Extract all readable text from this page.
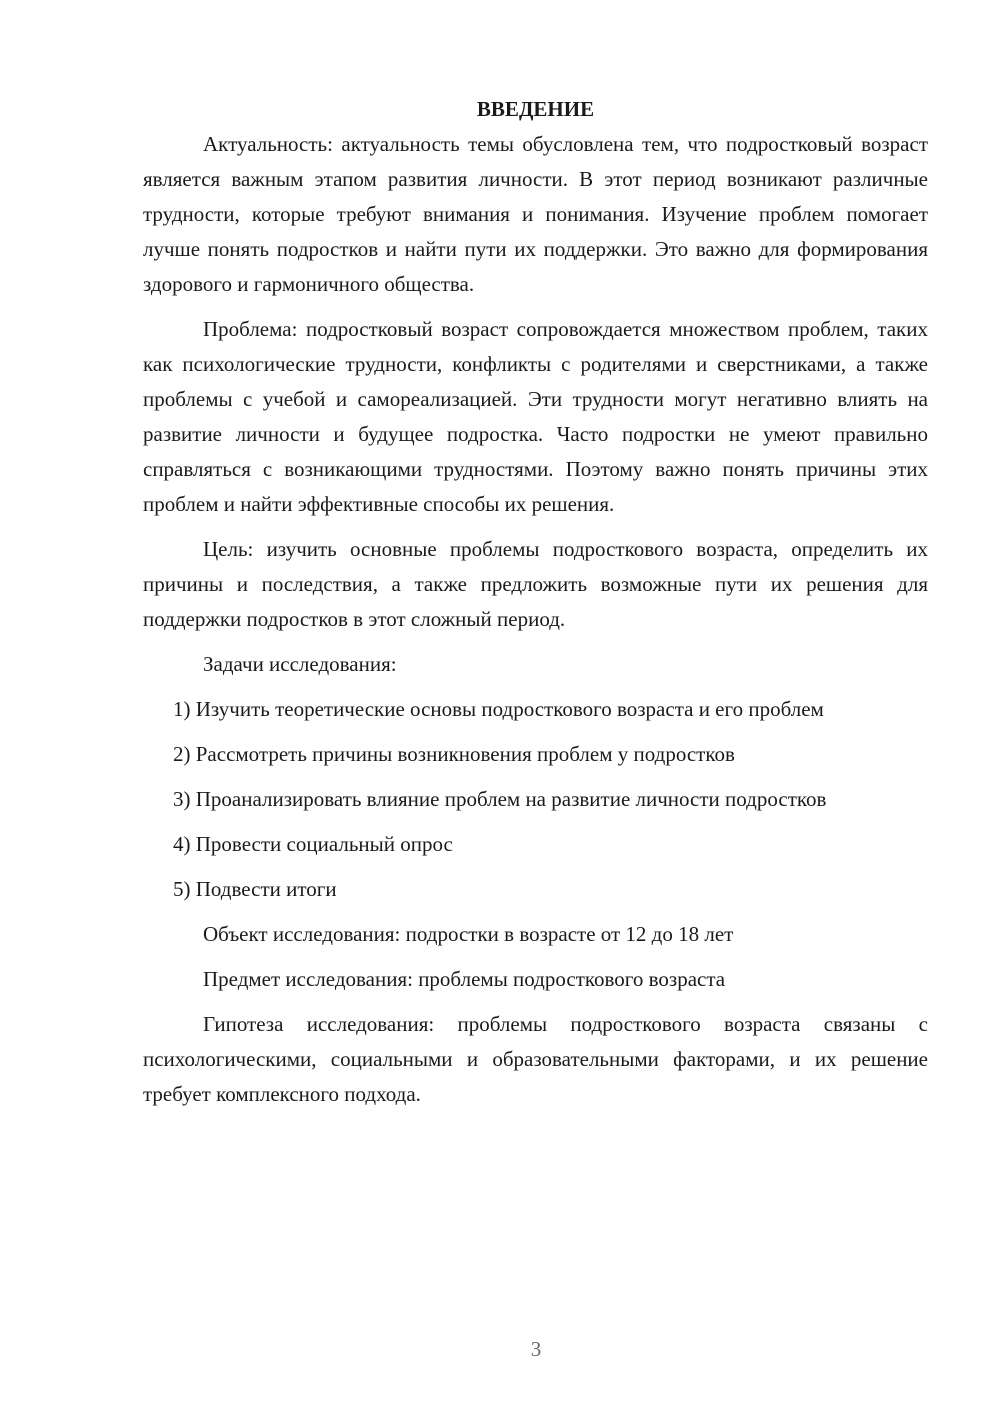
ВВЕДЕНИЕ

Актуальность: актуальность темы обусловлена тем, что подростковый возраст является важным этапом развития личности. В этот период возникают различные трудности, которые требуют внимания и понимания. Изучение проблем помогает лучше понять подростков и найти пути их поддержки. Это важно для формирования здорового и гармоничного общества.

Проблема: подростковый возраст сопровождается множеством проблем, таких как психологические трудности, конфликты с родителями и сверстниками, а также проблемы с учебой и самореализацией. Эти трудности могут негативно влиять на развитие личности и будущее подростка. Часто подростки не умеют правильно справляться с возникающими трудностями. Поэтому важно понять причины этих проблем и найти эффективные способы их решения.

Цель: изучить основные проблемы подросткового возраста, определить их причины и последствия, а также предложить возможные пути их решения для поддержки подростков в этот сложный период.

Задачи исследования:

1) Изучить теоретические основы подросткового возраста и его проблем

2) Рассмотреть причины возникновения проблем у подростков

3) Проанализировать влияние проблем на развитие личности подростков

4) Провести социальный опрос

5) Подвести итоги

Объект исследования: подростки в возрасте от 12 до 18 лет

Предмет исследования: проблемы подросткового возраста

Гипотеза исследования: проблемы подросткового возраста связаны с психологическими, социальными и образовательными факторами, и их решение требует комплексного подхода.

3
